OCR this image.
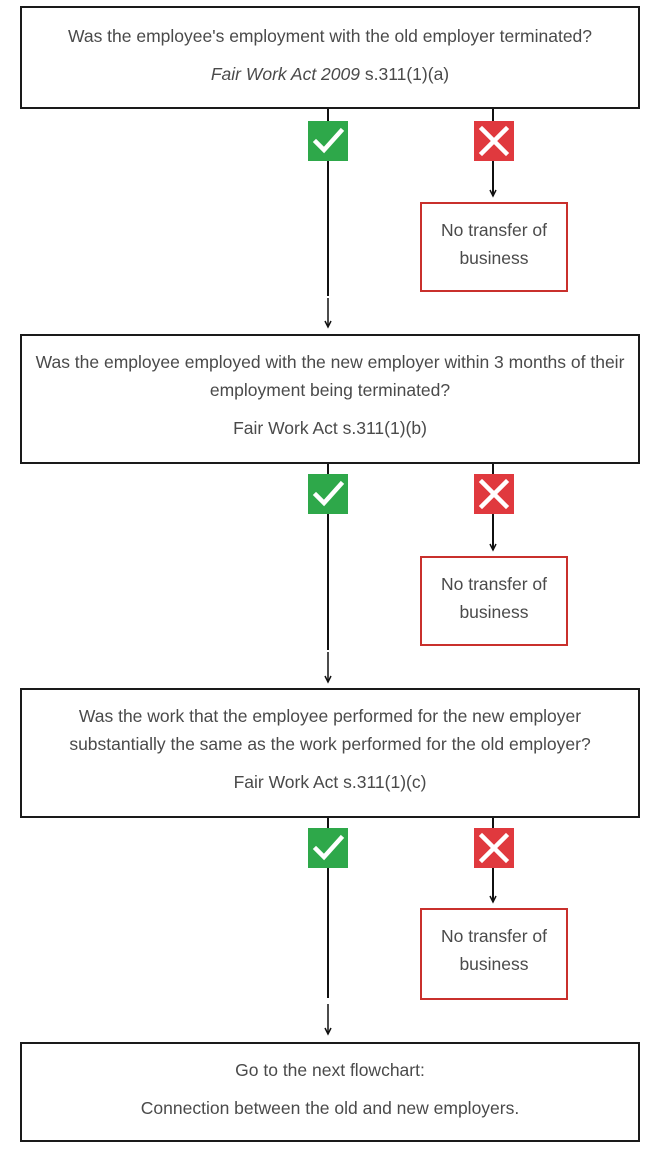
Was the employee's employment with the old employer terminated?

Fair Work Act 2009 s.311(1)(a)

No transfer of business

Was the employee employed with the new employer within 3 months of their employment being terminated?

Fair Work Act s.311(1)(b)

No transfer of business

Was the work that the employee performed for the new employer substantially the same as the work performed for the old employer?

Fair Work Act s.311(1)(c)

No transfer of business

Go to the next flowchart:

Connection between the old and new employers.
